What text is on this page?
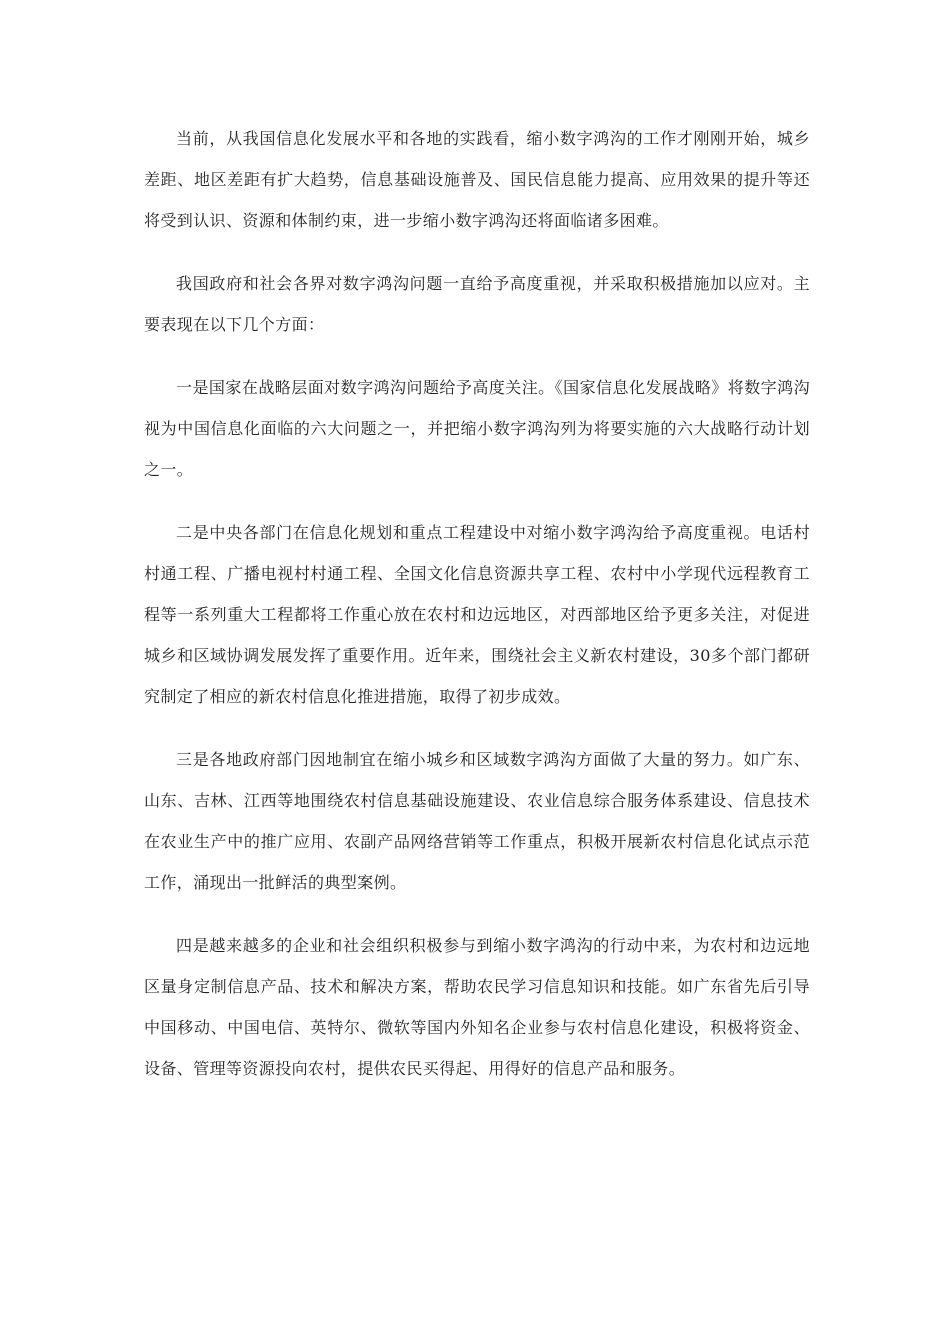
当前，从我国信息化发展水平和各地的实践看，缩小数字鸿沟的工作才刚刚开始，城乡差距、地区差距有扩大趋势，信息基础设施普及、国民信息能力提高、应用效果的提升等还将受到认识、资源和体制约束，进一步缩小数字鸿沟还将面临诸多困难。

我国政府和社会各界对数字鸿沟问题一直给予高度重视，并采取积极措施加以应对。主要表现在以下几个方面：

一是国家在战略层面对数字鸿沟问题给予高度关注。《国家信息化发展战略》将数字鸿沟视为中国信息化面临的六大问题之一，并把缩小数字鸿沟列为将要实施的六大战略行动计划之一。

二是中央各部门在信息化规划和重点工程建设中对缩小数字鸿沟给予高度重视。电话村村通工程、广播电视村村通工程、全国文化信息资源共享工程、农村中小学现代远程教育工程等一系列重大工程都将工作重心放在农村和边远地区，对西部地区给予更多关注，对促进城乡和区域协调发展发挥了重要作用。近年来，围绕社会主义新农村建设，30多个部门都研究制定了相应的新农村信息化推进措施，取得了初步成效。

三是各地政府部门因地制宜在缩小城乡和区域数字鸿沟方面做了大量的努力。如广东、山东、吉林、江西等地围绕农村信息基础设施建设、农业信息综合服务体系建设、信息技术在农业生产中的推广应用、农副产品网络营销等工作重点，积极开展新农村信息化试点示范工作，涌现出一批鲜活的典型案例。

四是越来越多的企业和社会组织积极参与到缩小数字鸿沟的行动中来，为农村和边远地区量身定制信息产品、技术和解决方案，帮助农民学习信息知识和技能。如广东省先后引导中国移动、中国电信、英特尔、微软等国内外知名企业参与农村信息化建设，积极将资金、设备、管理等资源投向农村，提供农民买得起、用得好的信息产品和服务。
